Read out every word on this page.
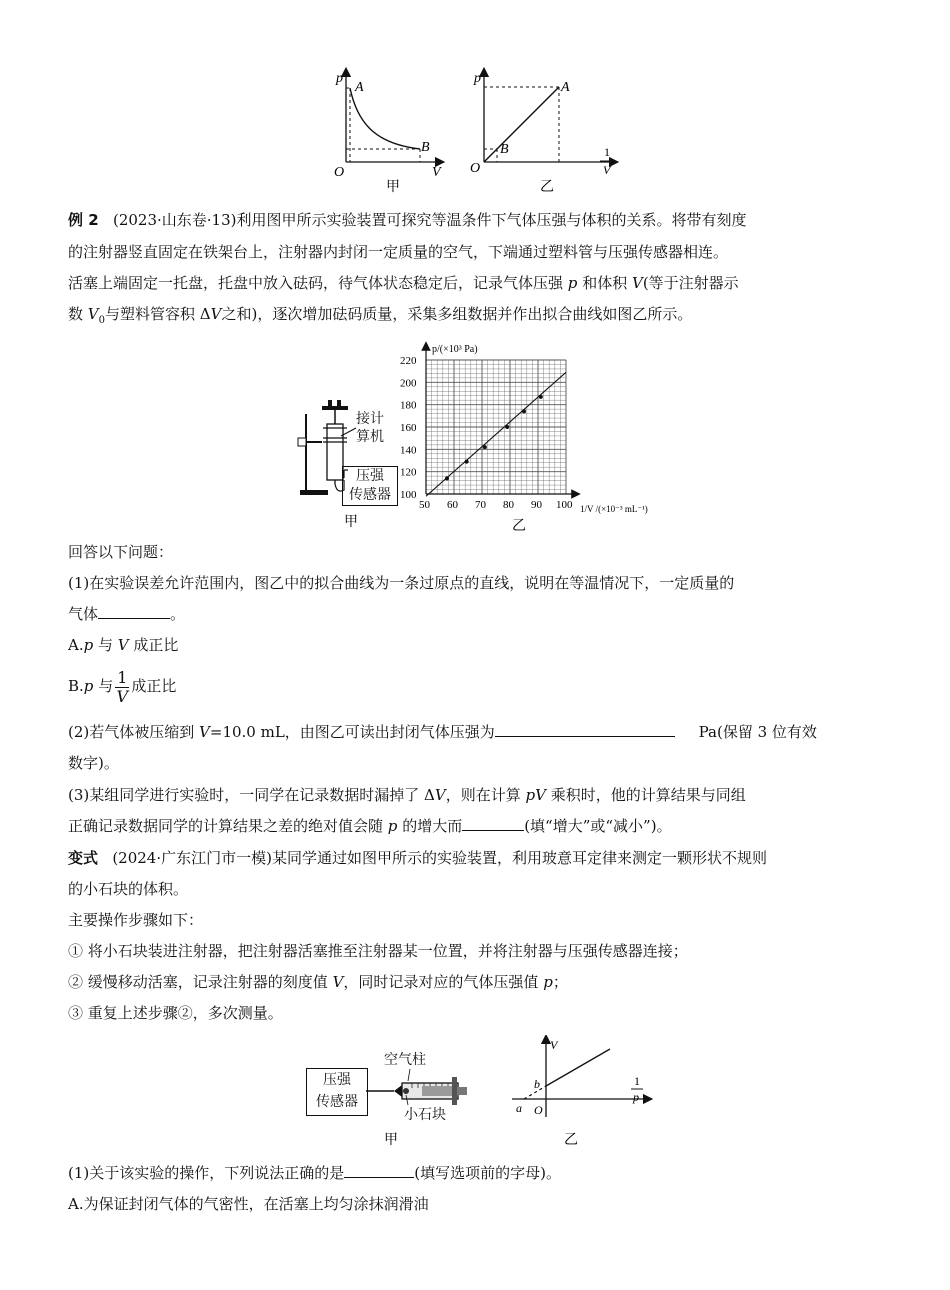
p
V
O
A
B
甲
p
1
V
O
A
B
乙

例 2 (2023·山东卷·13)利用图甲所示实验装置可探究等温条件下气体压强与体积的关系。将带有刻度

的注射器竖直固定在铁架台上，注射器内封闭一定质量的空气，下端通过塑料管与压强传感器相连。

活塞上端固定一托盘，托盘中放入砝码，待气体状态稳定后，记录气体压强 p 和体积 V(等于注射器示

数 $V_0$与塑料管容积 ΔV之和)，逐次增加砝码质量，采集多组数据并作出拟合曲线如图乙所示。

甲
接计
算机
压强
传感器
50 60 70 80 90 100
100
120
140
160
180
200
220
p/(×10³ Pa)
1/V /(×10⁻³ mL⁻¹)
乙

回答以下问题：

(1)在实验误差允许范围内，图乙中的拟合曲线为一条过原点的直线，说明在等温情况下，一定质量的

气体	。

A.p 与 V 成正比

B.p 与 $\frac{1}{V}$ 成正比

(2)若气体被压缩到 V=10.0 mL，由图乙可读出封闭气体压强为	Pa(保留 3 位有效

数字)。

(3)某组同学进行实验时，一同学在记录数据时漏掉了 ΔV，则在计算 pV 乘积时，他的计算结果与同组

正确记录数据同学的计算结果之差的绝对值会随 p 的增大而	(填“增大”或“减小”)。

变式 (2024·广东江门市一模)某同学通过如图甲所示的实验装置，利用玻意耳定律来测定一颗形状不规则

的小石块的体积。

主要操作步骤如下：

① 将小石块装进注射器，把注射器活塞推至注射器某一位置，并将注射器与压强传感器连接；

② 缓慢移动活塞，记录注射器的刻度值 V，同时记录对应的气体压强值 p；

③ 重复上述步骤②，多次测量。

压强
传感器
甲
空气柱
小石块
V
1
p
b
a O
乙

(1)关于该实验的操作，下列说法正确的是	(填写选项前的字母)。

A.为保证封闭气体的气密性，在活塞上均匀涂抹润滑油
